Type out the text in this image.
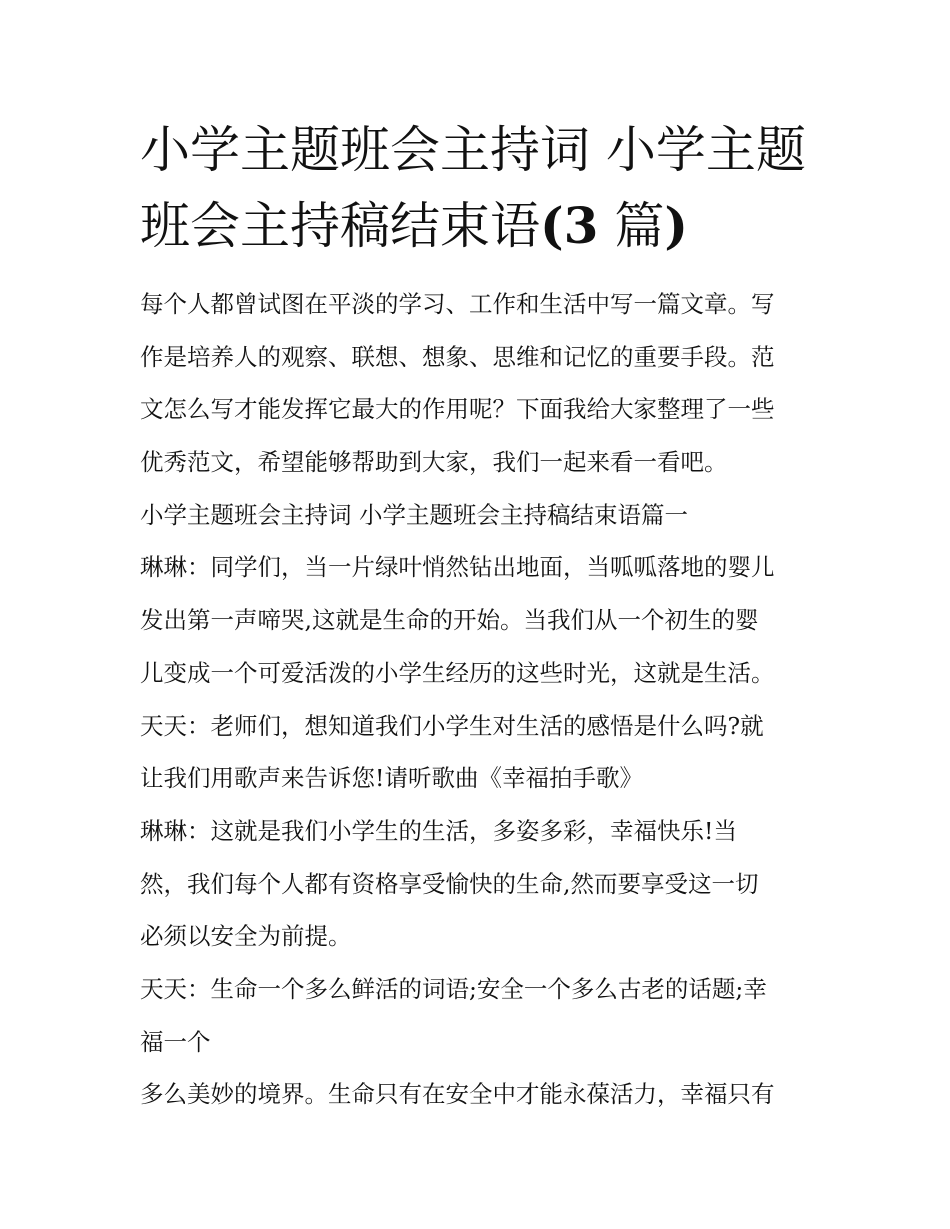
小学主题班会主持词 小学主题
班会主持稿结束语(3 篇)
每个人都曾试图在平淡的学习、工作和生活中写一篇文章。写
作是培养人的观察、联想、想象、思维和记忆的重要手段。范
文怎么写才能发挥它最大的作用呢？下面我给大家整理了一些
优秀范文，希望能够帮助到大家，我们一起来看一看吧。
小学主题班会主持词 小学主题班会主持稿结束语篇一
琳琳：同学们，当一片绿叶悄然钻出地面，当呱呱落地的婴儿
发出第一声啼哭,这就是生命的开始。当我们从一个初生的婴
儿变成一个可爱活泼的小学生经历的这些时光，这就是生活。
天天：老师们，想知道我们小学生对生活的感悟是什么吗?就
让我们用歌声来告诉您!请听歌曲《幸福拍手歌》
琳琳：这就是我们小学生的生活，多姿多彩，幸福快乐!当
然，我们每个人都有资格享受愉快的生命,然而要享受这一切
必须以安全为前提。
天天：生命一个多么鲜活的词语;安全一个多么古老的话题;幸
福一个
多么美妙的境界。生命只有在安全中才能永葆活力，幸福只有
